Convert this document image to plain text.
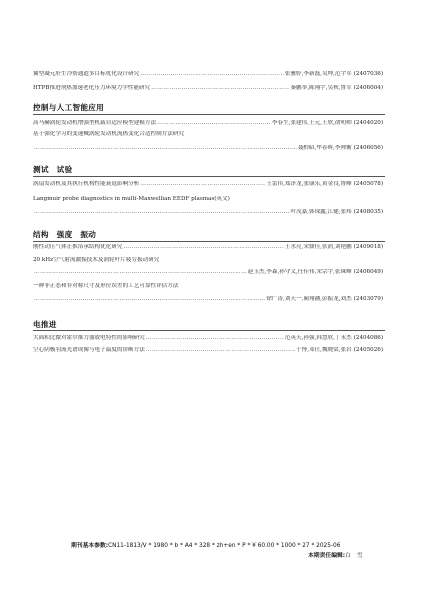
翼型凝元肝生冷帮通道多目标优化设计研究 ……………………………………………………………………………………………………………………………………………………………………………	张雅婷,李新磊,吴坤,范宇军 (2407036)
HTPB推进剂热加速老化压力环境力学性能研究 ……………………………………………………………………………………………………………………………………………………………………………	秦鹏举,陈翔宇,吴秋,鲁军 (2406004)
控制与人工智能应用
高马赫涡轮发动机增强型机载自适应模型建模方法 ……………………………………………………………………………………………………………………………………………………………………………	李春生,张建伟,王元,王欣,俞明帅 (2404020)
基于强化学习的变速械涡轮发动机流热变化合适控制方法研究
……………………………………………………………………………………………………………………………………………………………………………
聂黔昭,牟春晖,李帅衡 (2406056)
测试　试验
涡扇发动机及其执行机构性能衰退影响分析 ……………………………………………………………………………………………………………………………………………………………………………	王雷伟,郑泽龙,张康乐,黄金良,鲁峰 (2405078)
Langmuir probe diagnostics in multi-Maxwellian EEDF plasmas(英文)
……………………………………………………………………………………………………………………………………………………………………………
叶茂嘉,韩琛鑫,江健,张炜 (2408035)
结构　强度　振动
刚性动压气体止推箔承结构优化研究 ……………………………………………………………………………………………………………………………………………………………………………	王水亮,宋儒佳,张润,刘艳鹏 (2409018)
20 kHz空气射流激振技术及涡轮叶片疲劳振动研究
……………………………………………………………………………………………………………………………………………………………………………
赵玉杰,李森,孙守义,任佳伟,宋宗宇,张珠峰 (2406049)
一种非正态和非对称尺寸及形位误差的工艺可靠性评估方法
……………………………………………………………………………………………………………………………………………………………………………
徐广涛,刘天一,蔺翔涵,彭振龙,刘杰 (2403079)
电推进
大面积比微对霍尔推力器放电特性的影响研究 ……………………………………………………………………………………………………………………………………………………………………………	范英天,孙强,韩慧欣,丁永杰 (2404086)
空心阴极羽流光谱成像与电子温度的诊断方法 ……………………………………………………………………………………………………………………………………………………………………………	于博,邓仕,魏晓棠,张岩 (2405026)
期刊基本参数:CN11-1813/V * 1980 * b * A4 * 328 * zh+en * P * ¥ 60.00 * 1000 * 27 * 2025-06
本期责任编辑:白　雪
